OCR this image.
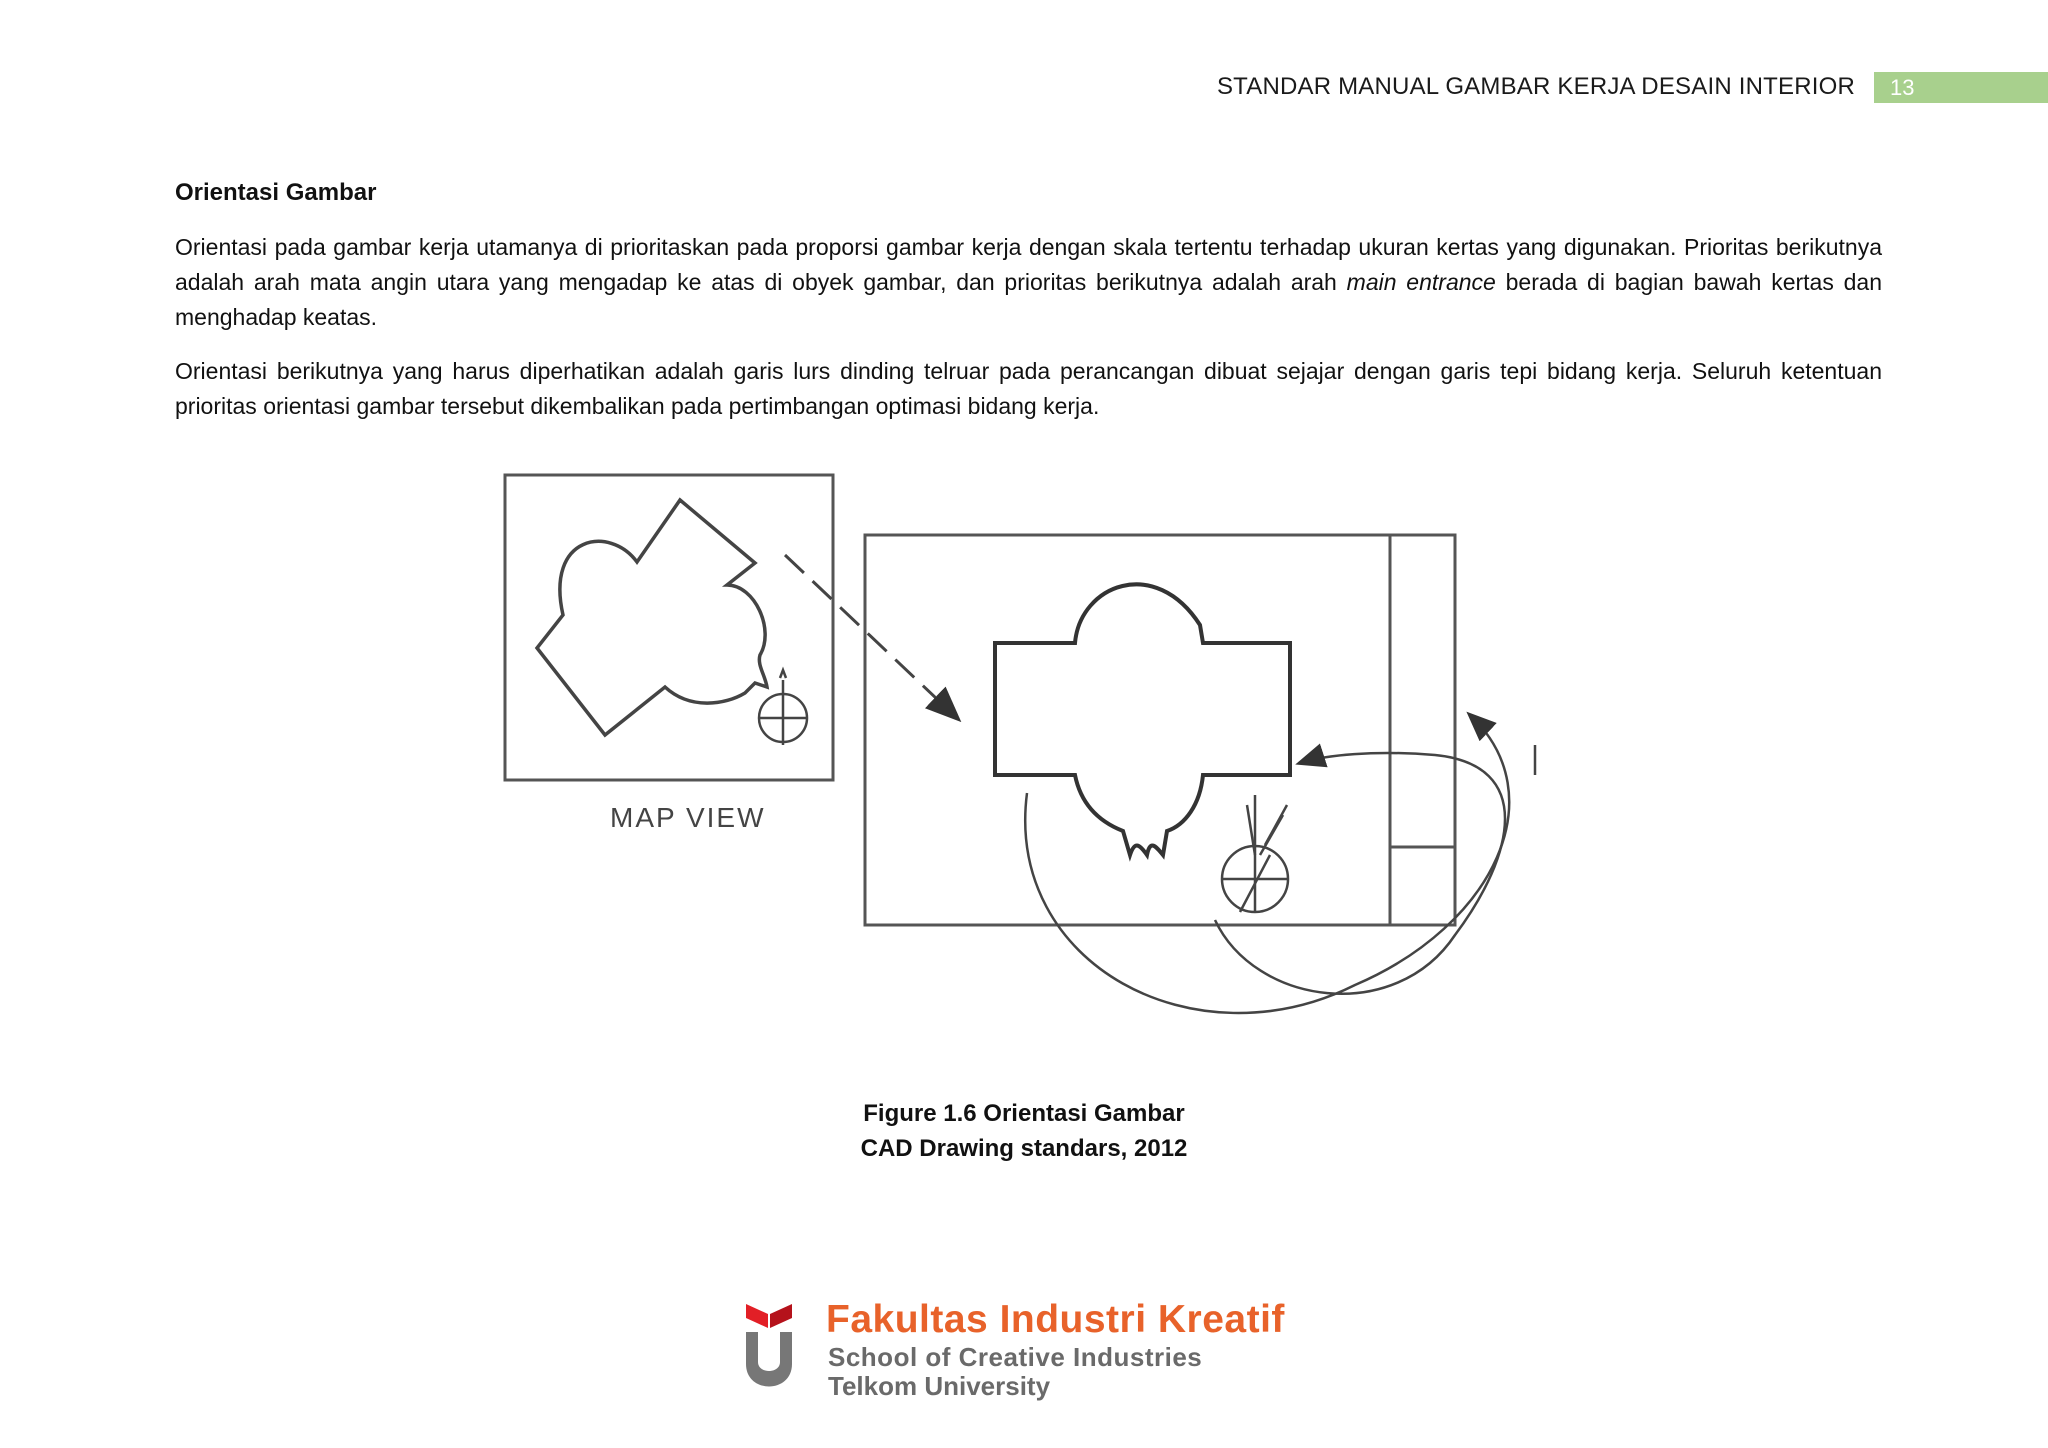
STANDAR MANUAL GAMBAR KERJA DESAIN INTERIOR	13
Orientasi Gambar

Orientasi pada gambar kerja utamanya di prioritaskan pada proporsi gambar kerja dengan skala tertentu terhadap ukuran kertas yang digunakan. Prioritas berikutnya adalah arah mata angin utara yang mengadap ke atas di obyek gambar, dan prioritas berikutnya adalah arah main entrance berada di bagian bawah kertas dan menghadap keatas.

Orientasi berikutnya yang harus diperhatikan adalah garis lurs dinding telruar pada perancangan dibuat sejajar dengan garis tepi bidang kerja. Seluruh ketentuan prioritas orientasi gambar tersebut dikembalikan pada pertimbangan optimasi bidang kerja.

MAP VIEW
Figure 1.6 Orientasi Gambar
CAD Drawing standars, 2012
Fakultas Industri Kreatif
School of Creative Industries
Telkom University
